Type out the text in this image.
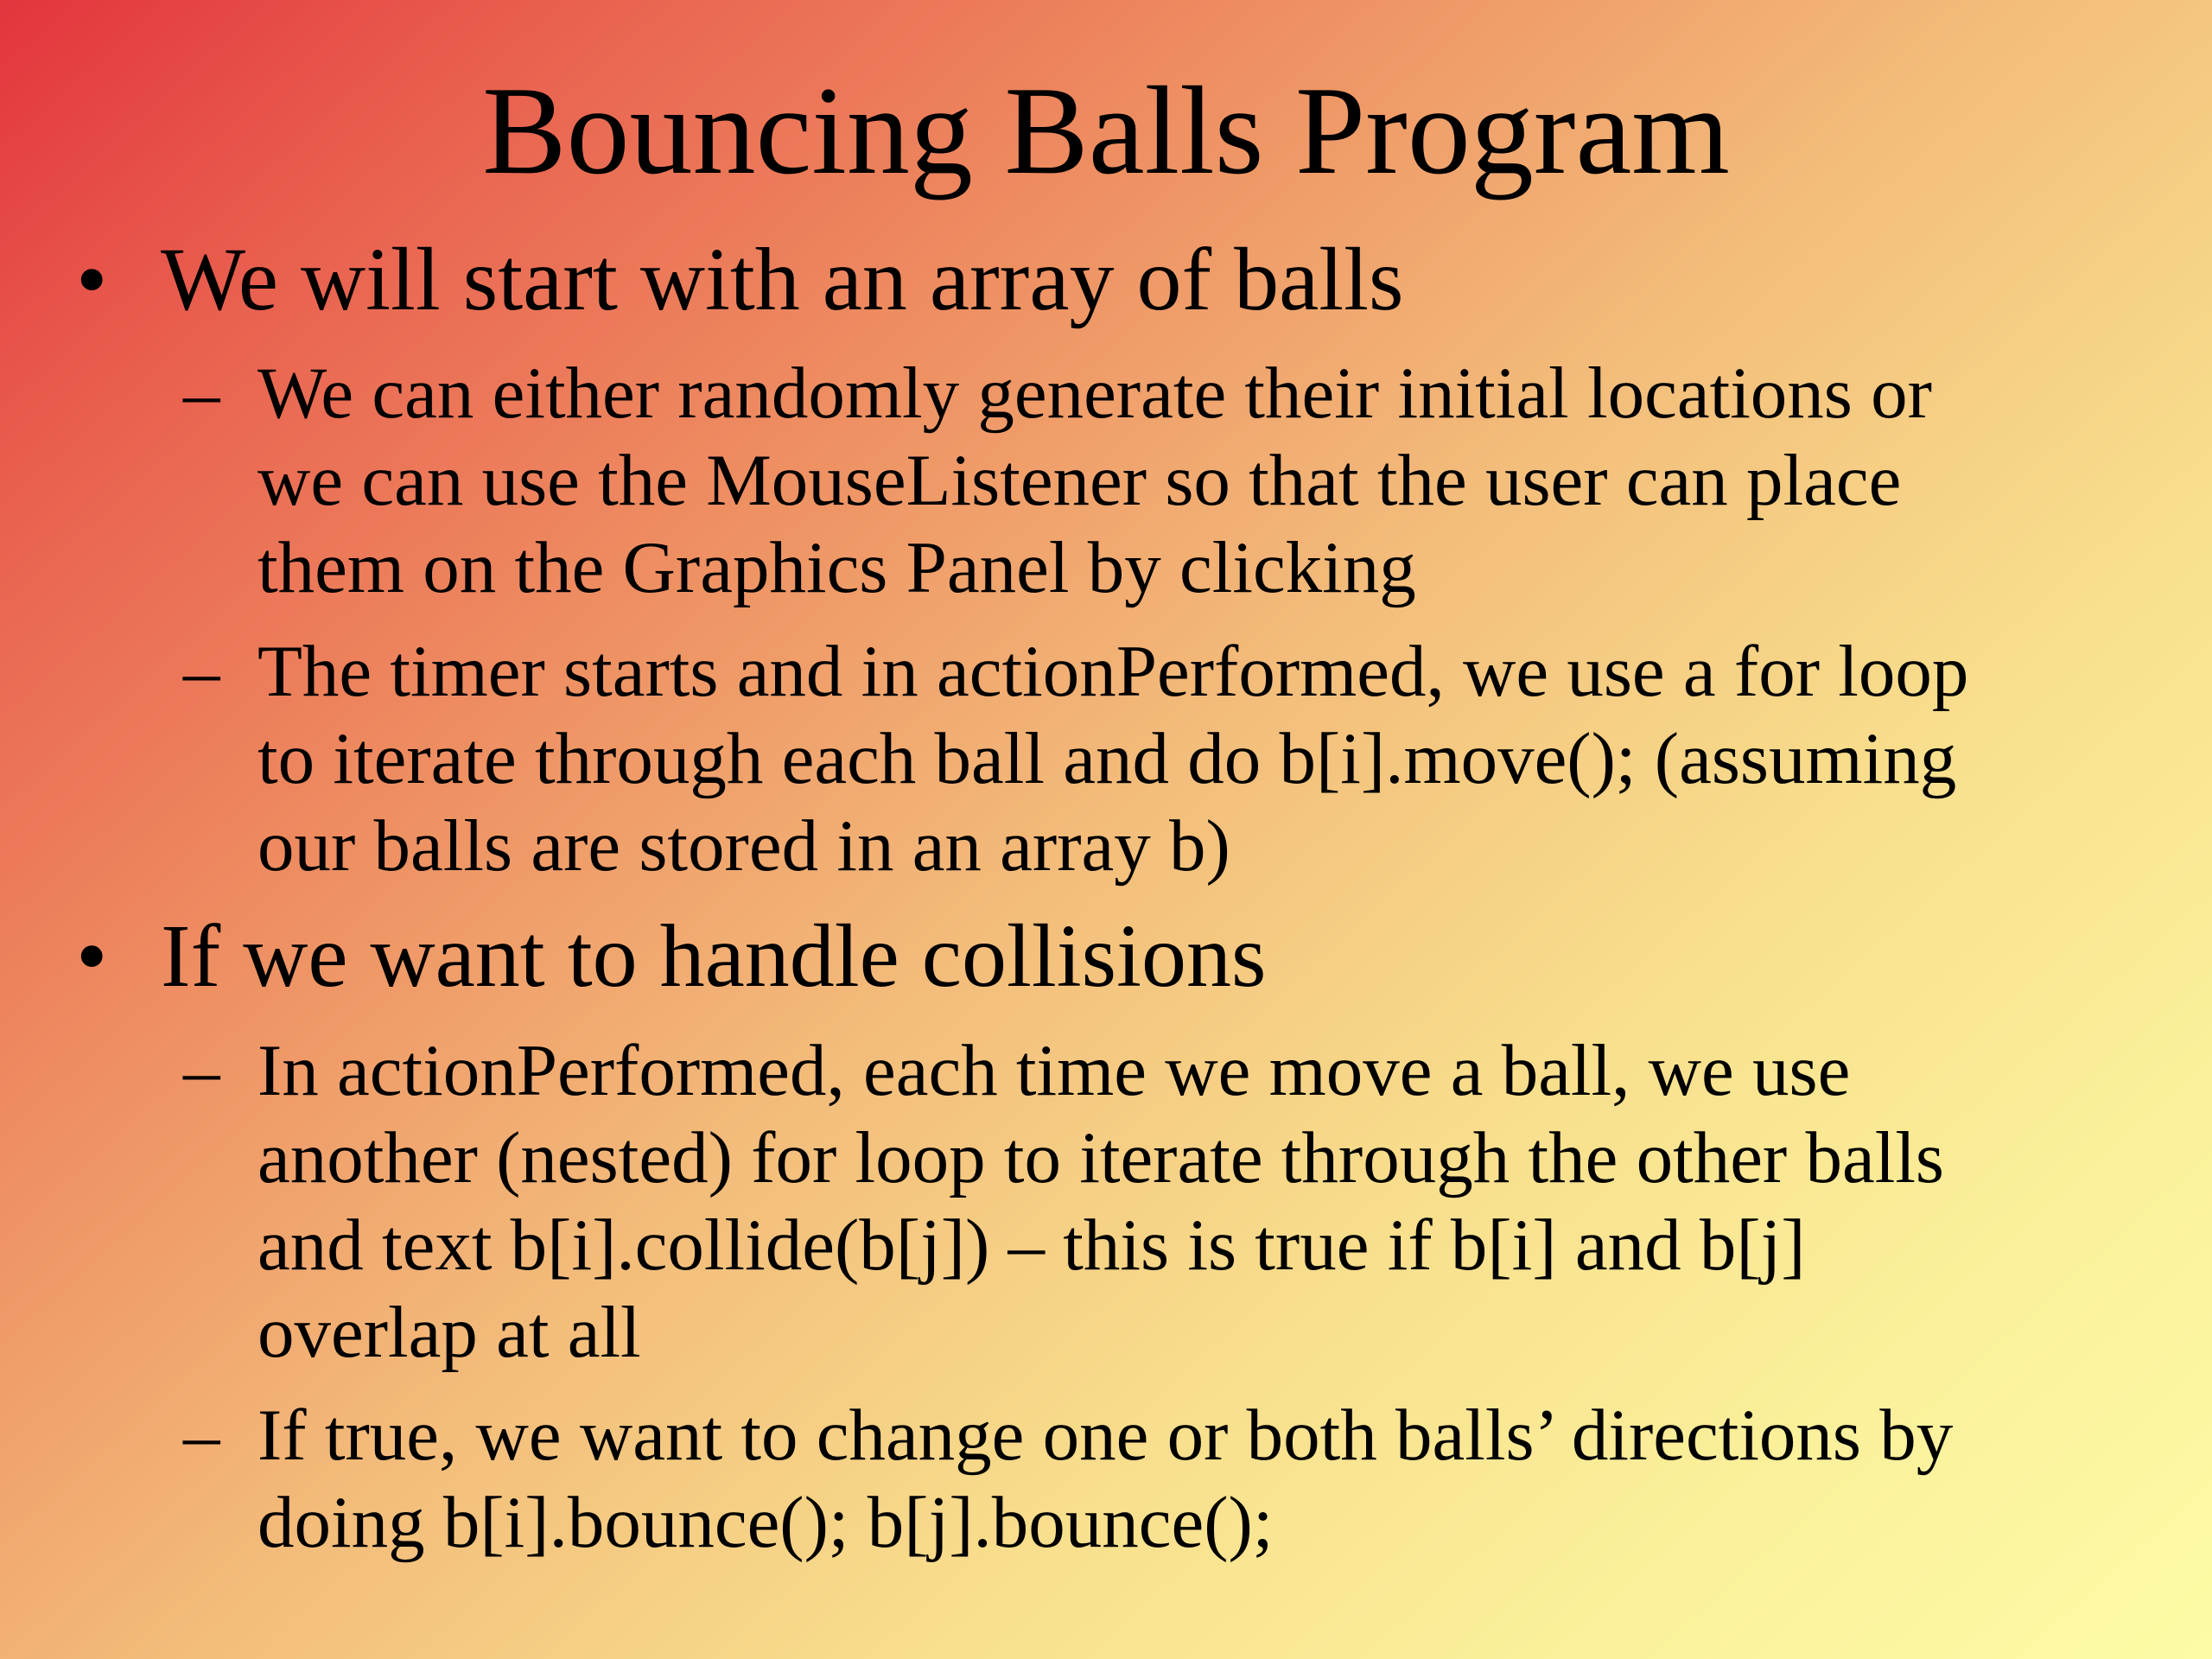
Bouncing Balls Program
• We will start with an array of balls
– We can either randomly generate their initial locations or
we can use the MouseListener so that the user can place
them on the Graphics Panel by clicking
– The timer starts and in actionPerformed, we use a for loop
to iterate through each ball and do b[i].move(); (assuming
our balls are stored in an array b)
• If we want to handle collisions
– In actionPerformed, each time we move a ball, we use
another (nested) for loop to iterate through the other balls
and text b[i].collide(b[j]) – this is true if b[i] and b[j]
overlap at all
– If true, we want to change one or both balls’ directions by
doing b[i].bounce(); b[j].bounce();
